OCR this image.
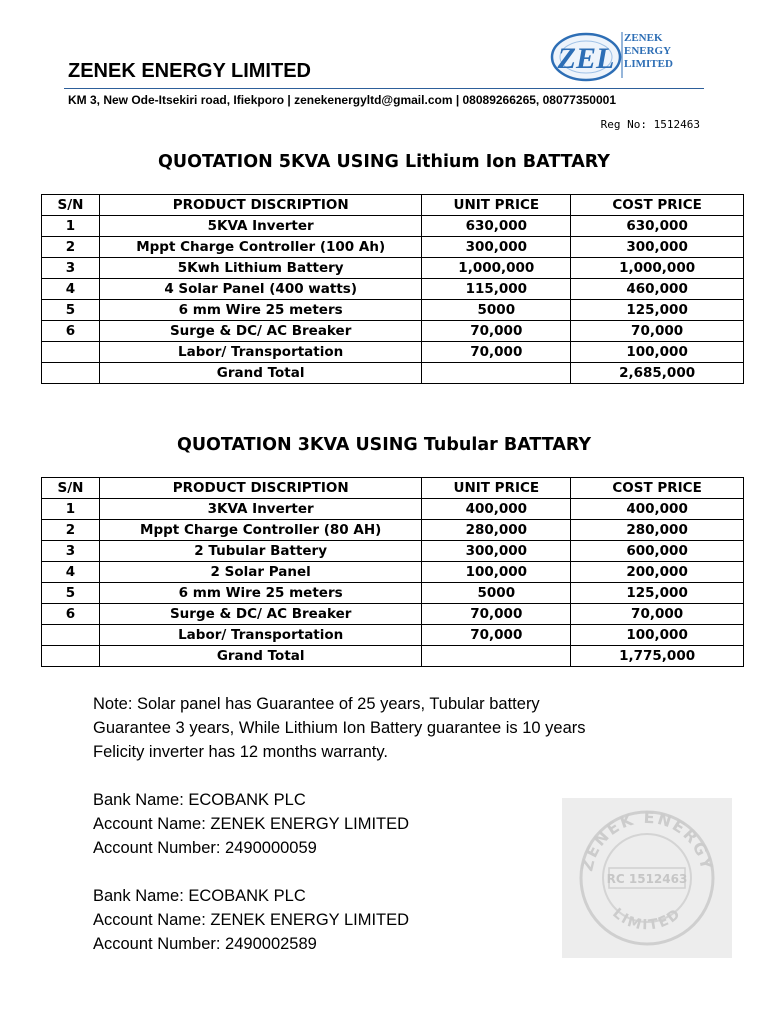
ZENEK ENERGY LIMITED
KM 3, New Ode-Itsekiri road, Ifiekporo | zenekenergyltd@gmail.com | 08089266265, 08077350001
Reg No: 1512463
ZEL
ZENEK
ENERGY
LIMITED
QUOTATION 5KVA USING Lithium Ion BATTARY
S/N	PRODUCT DISCRIPTION	UNIT PRICE	COST PRICE
1	5KVA Inverter	630,000	630,000
2	Mppt Charge Controller (100 Ah)	300,000	300,000
3	5Kwh Lithium Battery	1,000,000	1,000,000
4	4 Solar Panel (400 watts)	115,000	460,000
5	6 mm Wire 25 meters	5000	125,000
6	Surge & DC/ AC Breaker	70,000	70,000
	Labor/ Transportation	70,000	100,000
	Grand Total		2,685,000
QUOTATION 3KVA USING Tubular BATTARY
S/N	PRODUCT DISCRIPTION	UNIT PRICE	COST PRICE
1	3KVA Inverter	400,000	400,000
2	Mppt Charge Controller (80 AH)	280,000	280,000
3	2 Tubular Battery	300,000	600,000
4	2 Solar Panel	100,000	200,000
5	6 mm Wire 25 meters	5000	125,000
6	Surge & DC/ AC Breaker	70,000	70,000
	Labor/ Transportation	70,000	100,000
	Grand Total		1,775,000

Note: Solar panel has Guarantee of 25 years, Tubular battery

Guarantee 3 years, While Lithium Ion Battery guarantee is 10 years

Felicity inverter has 12 months warranty.

Bank Name: ECOBANK PLC

Account Name: ZENEK ENERGY LIMITED

Account Number: 2490000059

Bank Name: ECOBANK PLC

Account Name: ZENEK ENERGY LIMITED

Account Number: 2490002589

ZENEK ENERGY
RC 1512463
LIMITED
